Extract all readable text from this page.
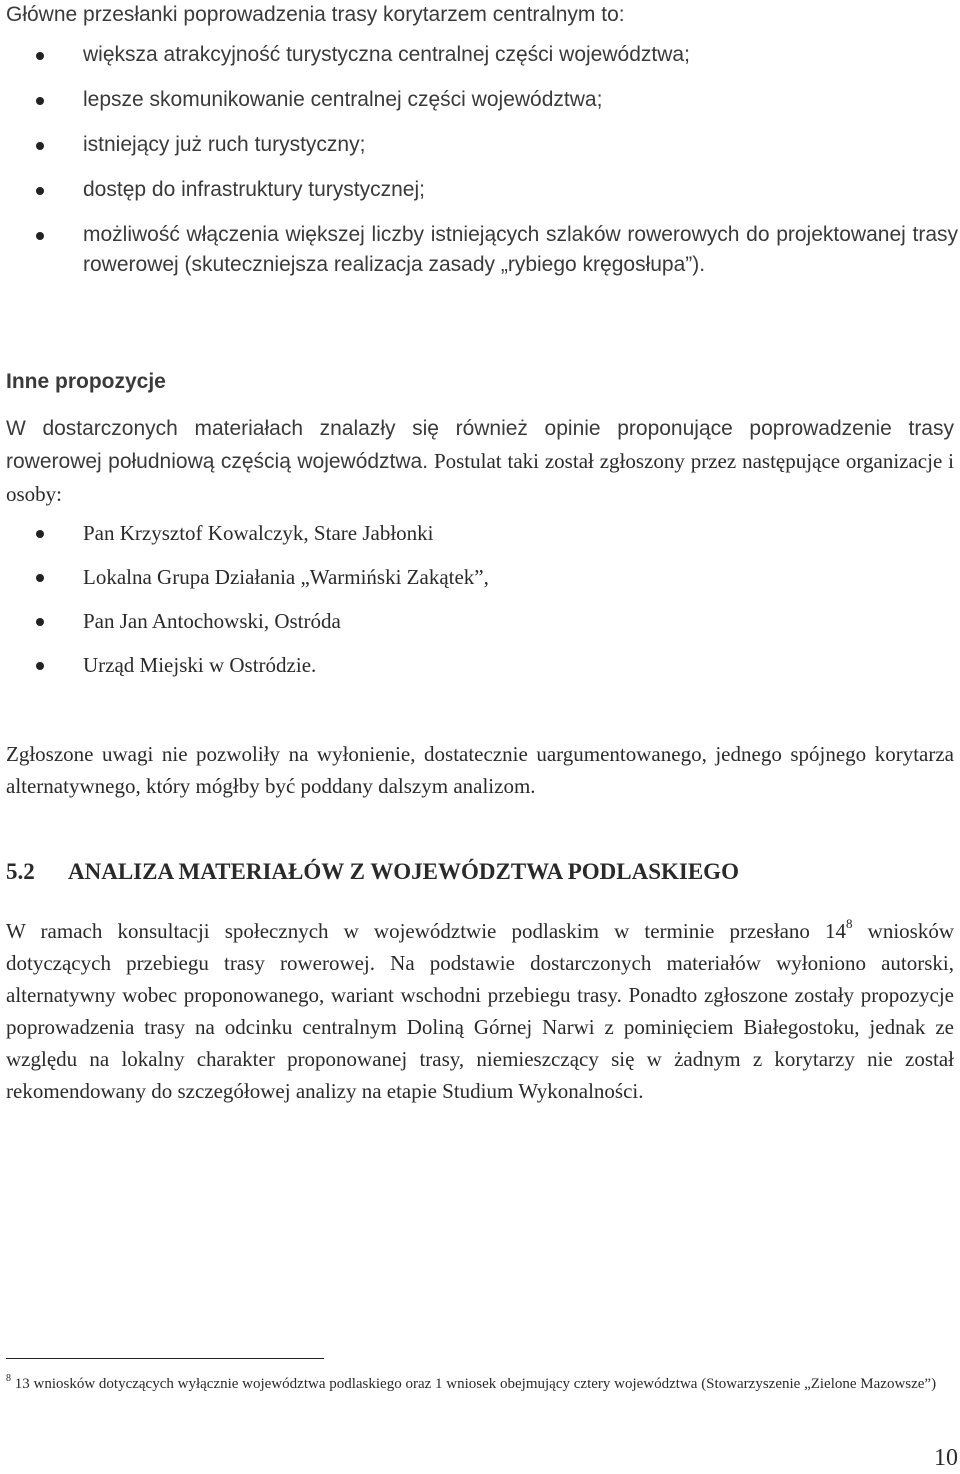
Główne przesłanki poprowadzenia trasy korytarzem centralnym to:

większa atrakcyjność turystyczna centralnej części województwa;
lepsze skomunikowanie centralnej części województwa;
istniejący już ruch turystyczny;
dostęp do infrastruktury turystycznej;
możliwość włączenia większej liczby istniejących szlaków rowerowych do projektowanej trasy rowerowej (skuteczniejsza realizacja zasady „rybiego kręgosłupa”).

Inne propozycje

W dostarczonych materiałach znalazły się również opinie proponujące poprowadzenie trasy rowerowej południową częścią województwa. Postulat taki został zgłoszony przez następujące organizacje i osoby:

Pan Krzysztof Kowalczyk, Stare Jabłonki
Lokalna Grupa Działania „Warmiński Zakątek”,
Pan Jan Antochowski, Ostróda
Urząd Miejski w Ostródzie.

Zgłoszone uwagi nie pozwoliły na wyłonienie, dostatecznie uargumentowanego, jednego spójnego korytarza alternatywnego, który mógłby być poddany dalszym analizom.

5.2 ANALIZA MATERIAŁÓW Z WOJEWÓDZTWA PODLASKIEGO

W ramach konsultacji społecznych w województwie podlaskim w terminie przesłano $14^8$ wniosków dotyczących przebiegu trasy rowerowej. Na podstawie dostarczonych materiałów wyłoniono autorski, alternatywny wobec proponowanego, wariant wschodni przebiegu trasy. Ponadto zgłoszone zostały propozycje poprowadzenia trasy na odcinku centralnym Doliną Górnej Narwi z pominięciem Białegostoku, jednak ze względu na lokalny charakter proponowanej trasy, niemieszczący się w żadnym z korytarzy nie został rekomendowany do szczegółowej analizy na etapie Studium Wykonalności.

$^8$ 13 wniosków dotyczących wyłącznie województwa podlaskiego oraz 1 wniosek obejmujący cztery województwa (Stowarzyszenie „Zielone Mazowsze”)

10
